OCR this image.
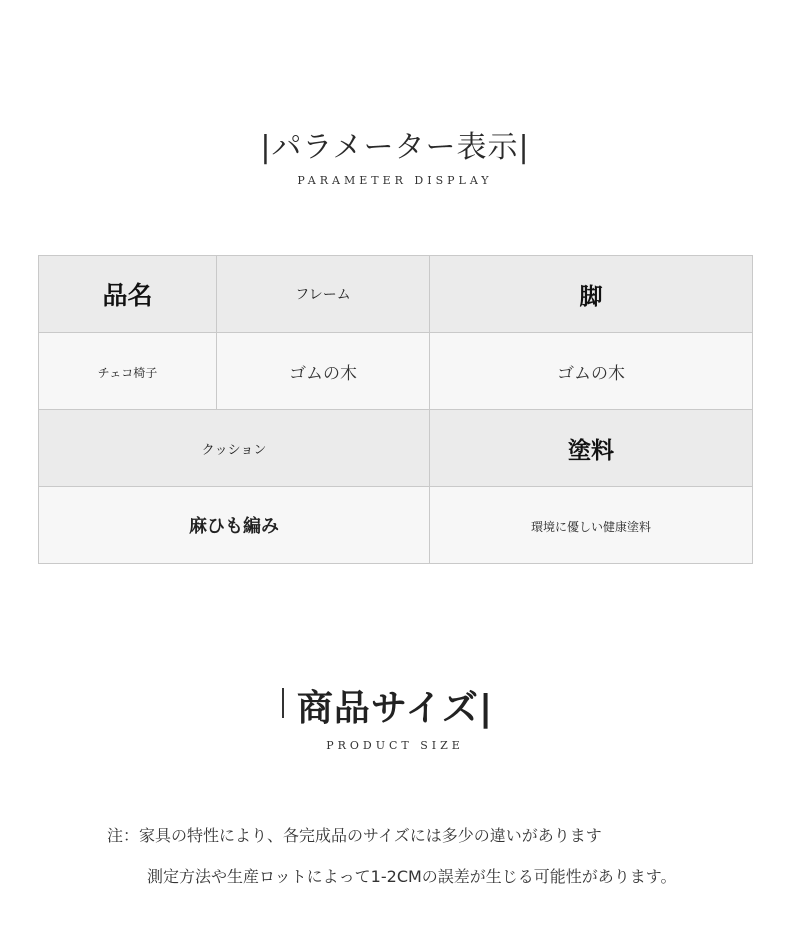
|パラメーター表示|
PARAMETER DISPLAY
品名	フレーム	脚
チェコ椅子	ゴムの木	ゴムの木
クッション		塗料
麻ひも編み		環境に優しい健康塗料
商品サイズ|
PRODUCT SIZE
注：家具の特性により、各完成品のサイズには多少の違いがあります
測定方法や生産ロットによって1-2CMの誤差が生じる可能性があります。
